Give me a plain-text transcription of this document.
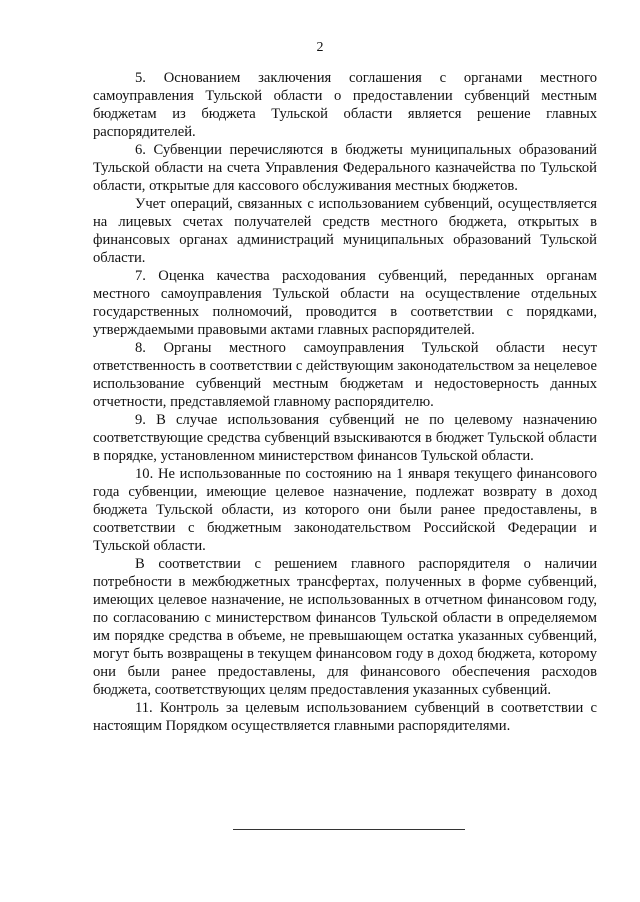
2

5. Основанием заключения соглашения с органами местного самоуправления Тульской области о предоставлении субвенций местным бюджетам из бюджета Тульской области является решение главных распорядителей.

6. Субвенции перечисляются в бюджеты муниципальных образований Тульской области на счета Управления Федерального казначейства по Тульской области, открытые для кассового обслуживания местных бюджетов.

Учет операций, связанных с использованием субвенций, осуществляется на лицевых счетах получателей средств местного бюджета, открытых в финансовых органах администраций муниципальных образований Тульской области.

7. Оценка качества расходования субвенций, переданных органам местного самоуправления Тульской области на осуществление отдельных государственных полномочий, проводится в соответствии с порядками, утверждаемыми правовыми актами главных распорядителей.

8. Органы местного самоуправления Тульской области несут ответственность в соответствии с действующим законодательством за нецелевое использование субвенций местным бюджетам и недостоверность данных отчетности, представляемой главному распорядителю.

9. В случае использования субвенций не по целевому назначению соответствующие средства субвенций взыскиваются в бюджет Тульской области в порядке, установленном министерством финансов Тульской области.

10. Не использованные по состоянию на 1 января текущего финансового года субвенции, имеющие целевое назначение, подлежат возврату в доход бюджета Тульской области, из которого они были ранее предоставлены, в соответствии с бюджетным законодательством Российской Федерации и Тульской области.

В соответствии с решением главного распорядителя о наличии потребности в межбюджетных трансфертах, полученных в форме субвенций, имеющих целевое назначение, не использованных в отчетном финансовом году, по согласованию с министерством финансов Тульской области в определяемом им порядке средства в объеме, не превышающем остатка указанных субвенций, могут быть возвращены в текущем финансовом году в доход бюджета, которому они были ранее предоставлены, для финансового обеспечения расходов бюджета, соответствующих целям предоставления указанных субвенций.

11. Контроль за целевым использованием субвенций в соответствии с настоящим Порядком осуществляется главными распорядителями.
